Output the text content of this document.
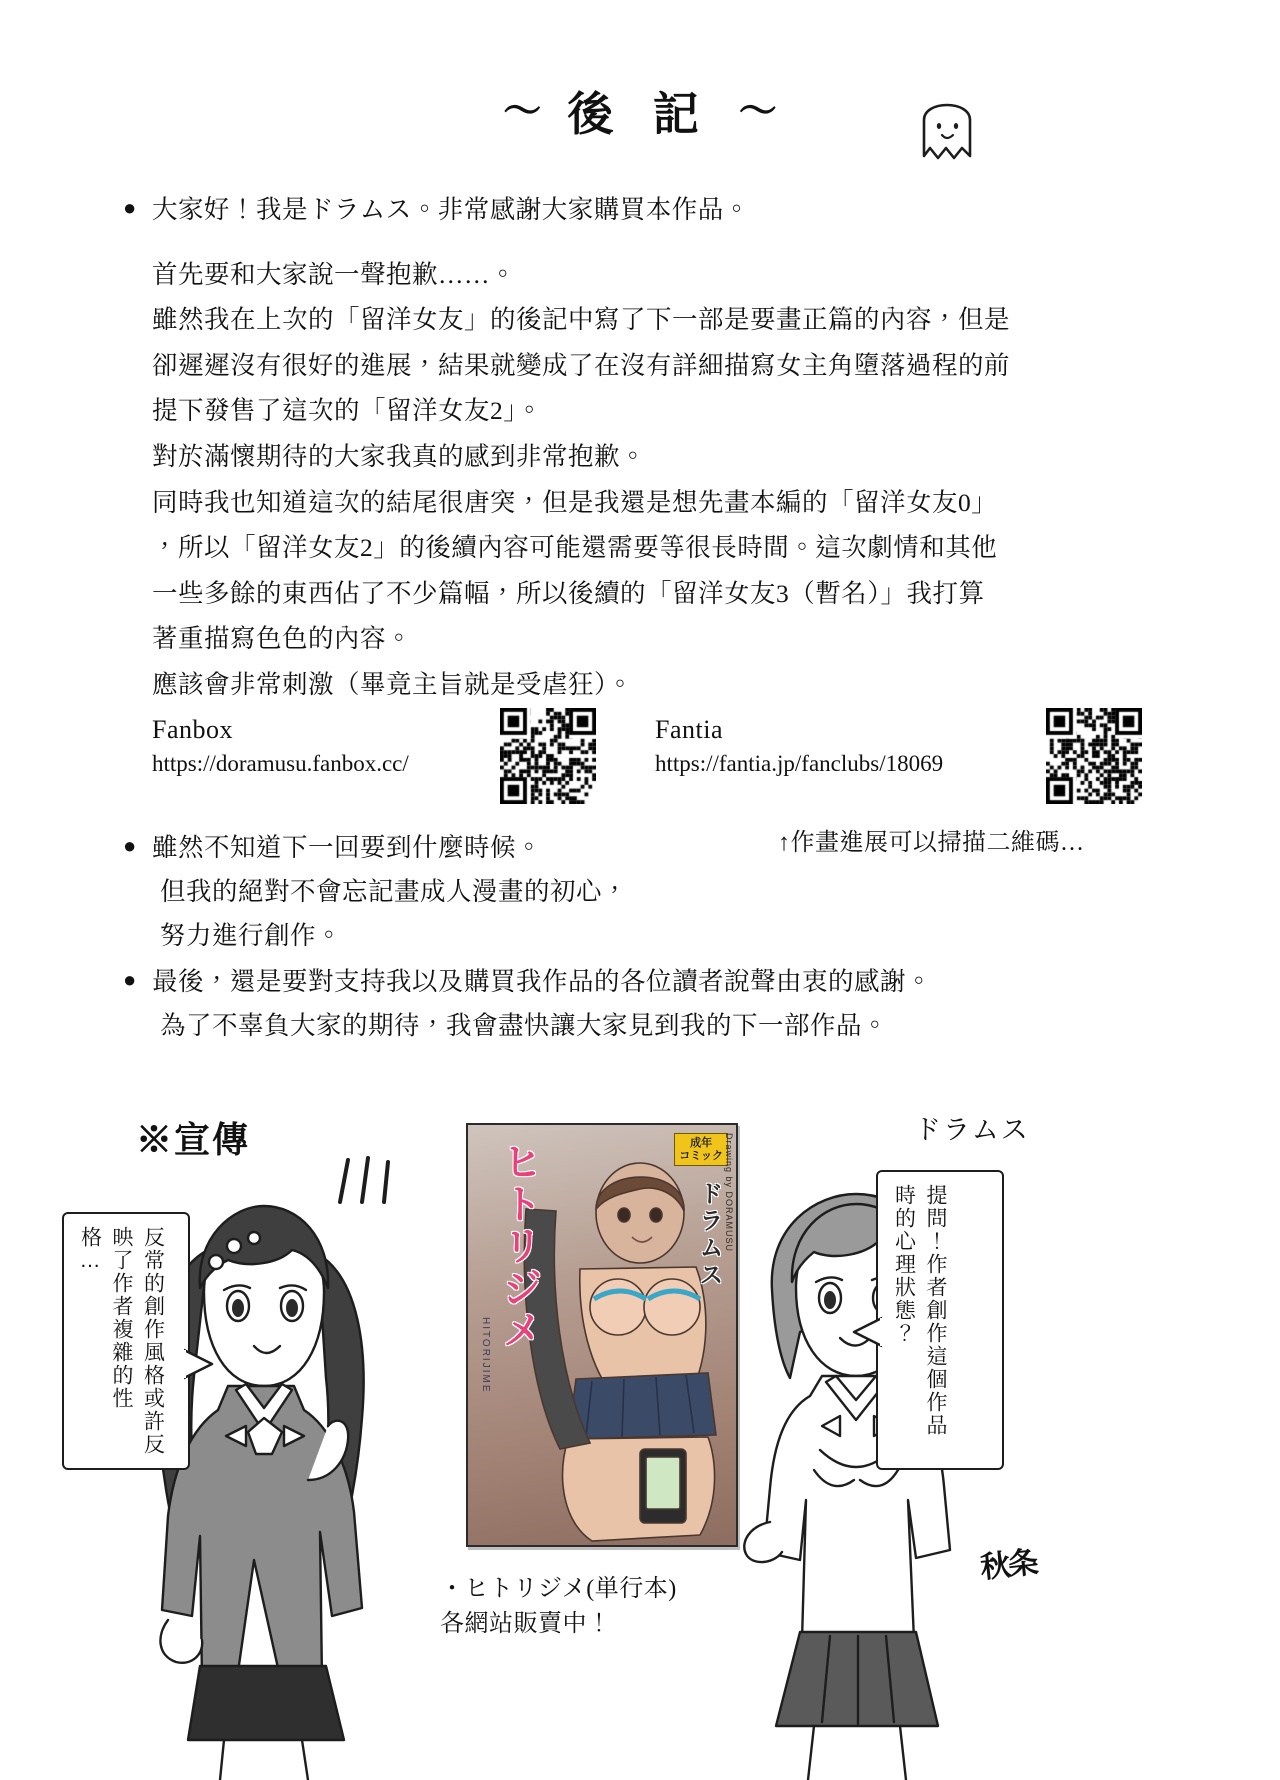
〜 後 記 〜
● 大家好！我是ドラムス。非常感謝大家購買本作品。

首先要和大家說一聲抱歉……。

雖然我在上次的「留洋女友」的後記中寫了下一部是要畫正篇的內容，但是

卻遲遲沒有很好的進展，結果就變成了在沒有詳細描寫女主角墮落過程的前

提下發售了這次的「留洋女友2」。

對於滿懷期待的大家我真的感到非常抱歉。

同時我也知道這次的結尾很唐突，但是我還是想先畫本編的「留洋女友0」

，所以「留洋女友2」的後續內容可能還需要等很長時間。這次劇情和其他

一些多餘的東西佔了不少篇幅，所以後續的「留洋女友3（暫名）」我打算

著重描寫色色的內容。

應該會非常刺激（畢竟主旨就是受虐狂）。

Fanbox
https://doramusu.fanbox.cc/
Fantia
https://fantia.jp/fanclubs/18069
↑作畫進展可以掃描二維碼…
● 雖然不知道下一回要到什麼時候。
但我的絕對不會忘記畫成人漫畫的初心，
努力進行創作。
● 最後，還是要對支持我以及購買我作品的各位讀者說聲由衷的感謝。
為了不辜負大家的期待，我會盡快讓大家見到我的下一部作品。
※宣傳	ドラムス
ヒトリジメ	ドラムス
成年
コミック
HITORIJIME
Drawing by DORAMUSU
・ヒトリジメ(単行本)
各網站販賣中！
反常的創作風格或許反映了作者複雜的性格…	提問！作者創作這個作品時的心理狀態？
秋条
